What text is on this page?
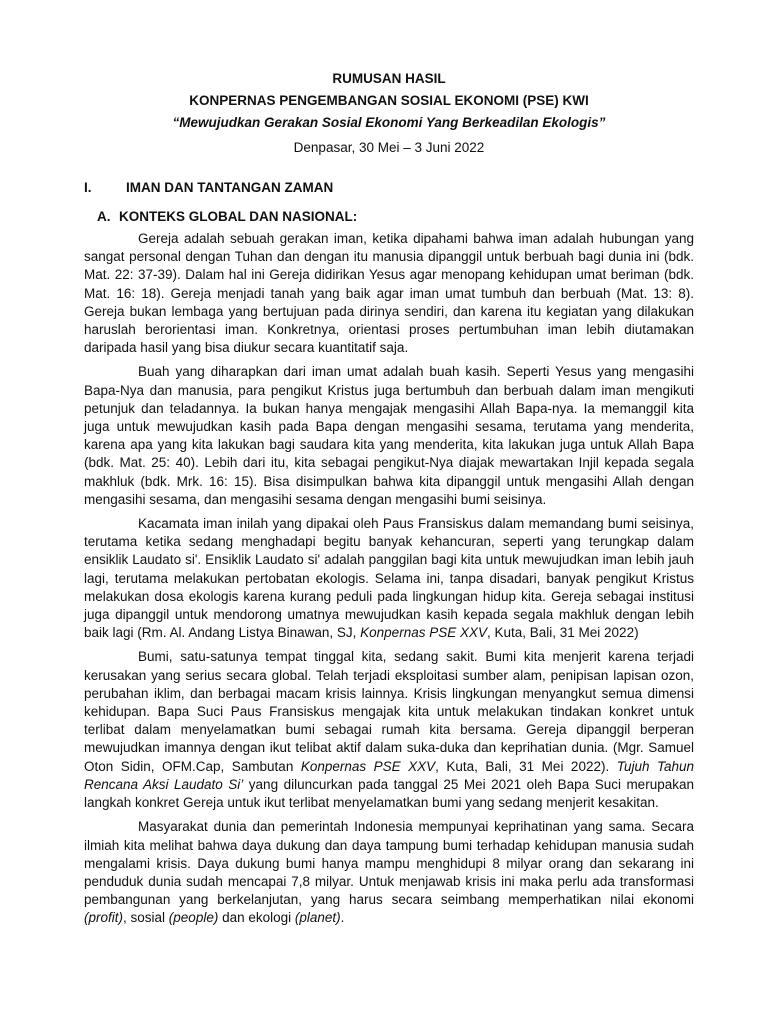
RUMUSAN HASIL
KONPERNAS PENGEMBANGAN SOSIAL EKONOMI (PSE) KWI
“Mewujudkan Gerakan Sosial Ekonomi Yang Berkeadilan Ekologis”
Denpasar, 30 Mei – 3 Juni 2022
I.	IMAN DAN TANTANGAN ZAMAN
A. KONTEKS GLOBAL DAN NASIONAL:

Gereja adalah sebuah gerakan iman, ketika dipahami bahwa iman adalah hubungan yang sangat personal dengan Tuhan dan dengan itu manusia dipanggil untuk berbuah bagi dunia ini (bdk. Mat. 22: 37-39). Dalam hal ini Gereja didirikan Yesus agar menopang kehidupan umat beriman (bdk. Mat. 16: 18). Gereja menjadi tanah yang baik agar iman umat tumbuh dan berbuah (Mat. 13: 8). Gereja bukan lembaga yang bertujuan pada dirinya sendiri, dan karena itu kegiatan yang dilakukan haruslah berorientasi iman. Konkretnya, orientasi proses pertumbuhan iman lebih diutamakan daripada hasil yang bisa diukur secara kuantitatif saja.

Buah yang diharapkan dari iman umat adalah buah kasih. Seperti Yesus yang mengasihi Bapa-Nya dan manusia, para pengikut Kristus juga bertumbuh dan berbuah dalam iman mengikuti petunjuk dan teladannya. Ia bukan hanya mengajak mengasihi Allah Bapa-nya. Ia memanggil kita juga untuk mewujudkan kasih pada Bapa dengan mengasihi sesama, terutama yang menderita, karena apa yang kita lakukan bagi saudara kita yang menderita, kita lakukan juga untuk Allah Bapa (bdk. Mat. 25: 40). Lebih dari itu, kita sebagai pengikut-Nya diajak mewartakan Injil kepada segala makhluk (bdk. Mrk. 16: 15). Bisa disimpulkan bahwa kita dipanggil untuk mengasihi Allah dengan mengasihi sesama, dan mengasihi sesama dengan mengasihi bumi seisinya.

Kacamata iman inilah yang dipakai oleh Paus Fransiskus dalam memandang bumi seisinya, terutama ketika sedang menghadapi begitu banyak kehancuran, seperti yang terungkap dalam ensiklik Laudato si'. Ensiklik Laudato si' adalah panggilan bagi kita untuk mewujudkan iman lebih jauh lagi, terutama melakukan pertobatan ekologis. Selama ini, tanpa disadari, banyak pengikut Kristus melakukan dosa ekologis karena kurang peduli pada lingkungan hidup kita. Gereja sebagai institusi juga dipanggil untuk mendorong umatnya mewujudkan kasih kepada segala makhluk dengan lebih baik lagi (Rm. Al. Andang Listya Binawan, SJ, Konpernas PSE XXV, Kuta, Bali, 31 Mei 2022)

Bumi, satu-satunya tempat tinggal kita, sedang sakit. Bumi kita menjerit karena terjadi kerusakan yang serius secara global. Telah terjadi eksploitasi sumber alam, penipisan lapisan ozon, perubahan iklim, dan berbagai macam krisis lainnya. Krisis lingkungan menyangkut semua dimensi kehidupan. Bapa Suci Paus Fransiskus mengajak kita untuk melakukan tindakan konkret untuk terlibat dalam menyelamatkan bumi sebagai rumah kita bersama. Gereja dipanggil berperan mewujudkan imannya dengan ikut telibat aktif dalam suka-duka dan keprihatian dunia. (Mgr. Samuel Oton Sidin, OFM.Cap, Sambutan Konpernas PSE XXV, Kuta, Bali, 31 Mei 2022). Tujuh Tahun Rencana Aksi Laudato Si’ yang diluncurkan pada tanggal 25 Mei 2021 oleh Bapa Suci merupakan langkah konkret Gereja untuk ikut terlibat menyelamatkan bumi yang sedang menjerit kesakitan.

Masyarakat dunia dan pemerintah Indonesia mempunyai keprihatinan yang sama. Secara ilmiah kita melihat bahwa daya dukung dan daya tampung bumi terhadap kehidupan manusia sudah mengalami krisis. Daya dukung bumi hanya mampu menghidupi 8 milyar orang dan sekarang ini penduduk dunia sudah mencapai 7,8 milyar. Untuk menjawab krisis ini maka perlu ada transformasi pembangunan yang berkelanjutan, yang harus secara seimbang memperhatikan nilai ekonomi (profit), sosial (people) dan ekologi (planet).
